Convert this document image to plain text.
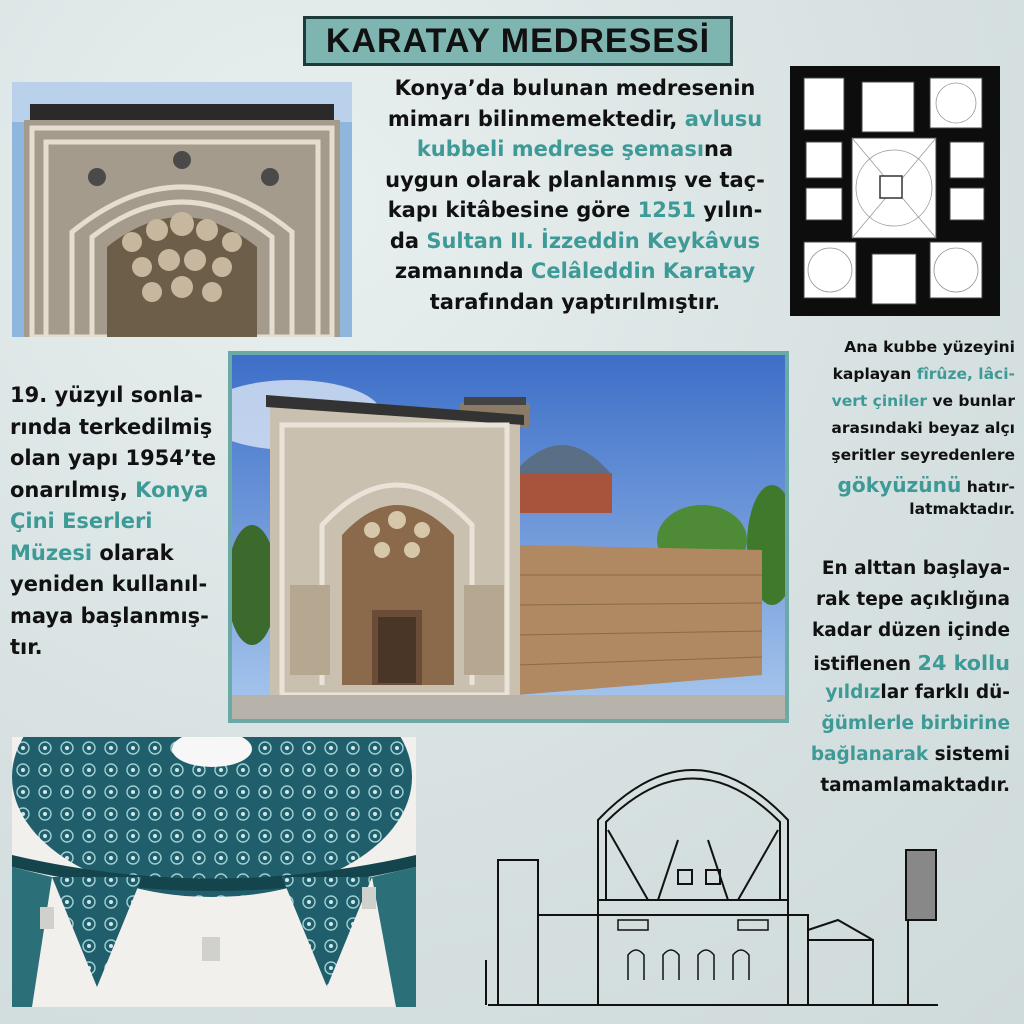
KARATAY MEDRESESİ
Konya’da bulunan medresenin
mimarı bilinmemektedir, avlusu
kubbeli medrese şemasına
uygun olarak planlanmış ve taç-
kapı kitâbesine göre 1251 yılın-
da Sultan II. İzzeddin Keykâvus
zamanında Celâleddin Karatay
tarafından yaptırılmıştır.
19. yüzyıl sonla-
rında terkedilmiş
olan yapı 1954’te
onarılmış, Konya
Çini Eserleri
Müzesi olarak
yeniden kullanıl-
maya başlanmış-
tır.
Ana kubbe yüzeyini
kaplayan fîrûze, lâci-
vert çiniler ve bunlar
arasındaki beyaz alçı
şeritler seyredenlere
gökyüzünü hatır-
latmaktadır.
En alttan başlaya-
rak tepe açıklığına
kadar düzen içinde
istiflenen 24 kollu
yıldızlar farklı dü-
ğümlerle birbirine
bağlanarak sistemi
tamamlamaktadır.
